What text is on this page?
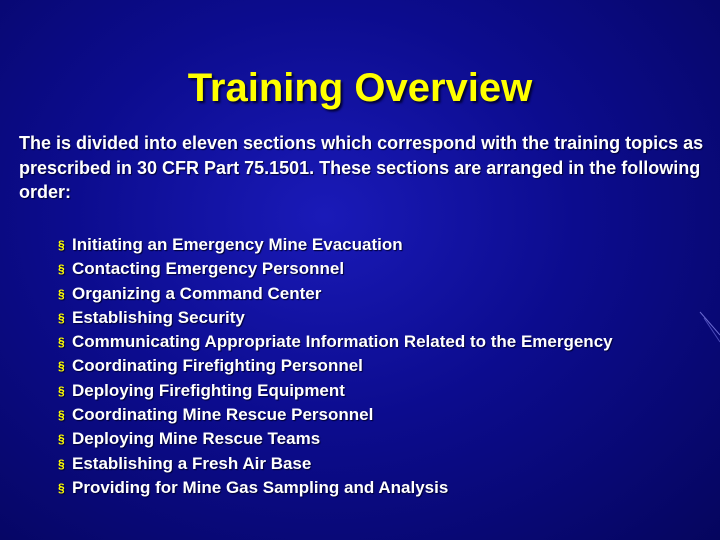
Training Overview

The is divided into eleven sections which correspond with the training topics as prescribed in 30 CFR Part 75.1501. These sections are arranged in the following order:

§ Initiating an Emergency Mine Evacuation
§ Contacting Emergency Personnel
§ Organizing a Command Center
§ Establishing Security
§ Communicating Appropriate Information Related to the Emergency
§ Coordinating Firefighting Personnel
§ Deploying Firefighting Equipment
§ Coordinating Mine Rescue Personnel
§ Deploying Mine Rescue Teams
§ Establishing a Fresh Air Base
§ Providing for Mine Gas Sampling and Analysis
